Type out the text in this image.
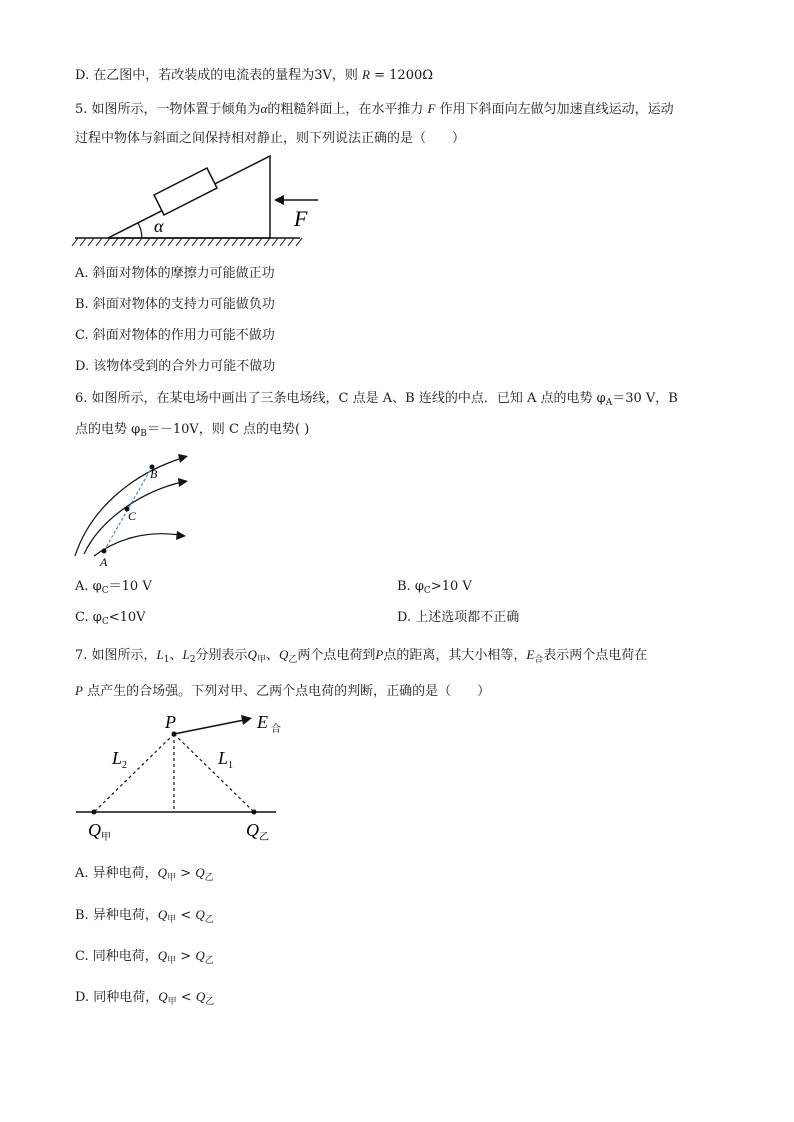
D. 在乙图中，若改装成的电流表的量程为3V，则 R = 1200Ω
5. 如图所示，一物体置于倾角为α的粗糙斜面上，在水平推力 F 作用下斜面向左做匀加速直线运动，运动
过程中物体与斜面之间保持相对静止，则下列说法正确的是（　　）
α	F
A. 斜面对物体的摩擦力可能做正功
B. 斜面对物体的支持力可能做负功
C. 斜面对物体的作用力可能不做功
D. 该物体受到的合外力可能不做功
6. 如图所示，在某电场中画出了三条电场线，C 点是 A、B 连线的中点．已知 A 点的电势 $\varphi_A=30$ V，B
点的电势 $\varphi_B=-10V$，则 C 点的电势( )
B
C
A
A. $\varphi_C=10$ V	B. $\varphi_C>10$ V
C. $\varphi_C<10V$	D. 上述选项都不正确
7. 如图所示，$L_1$、$L_2$分别表示$Q_甲$、$Q_乙$两个点电荷到P点的距离，其大小相等，$E_合$表示两个点电荷在
P 点产生的合场强。下列对甲、乙两个点电荷的判断，正确的是（　　）
P	E 合
L 2	L 1
Q 甲	Q 乙
A. 异种电荷，$Q_甲 > Q_乙$
B. 异种电荷，$Q_甲 < Q_乙$
C. 同种电荷，$Q_甲 > Q_乙$
D. 同种电荷，$Q_甲 < Q_乙$
